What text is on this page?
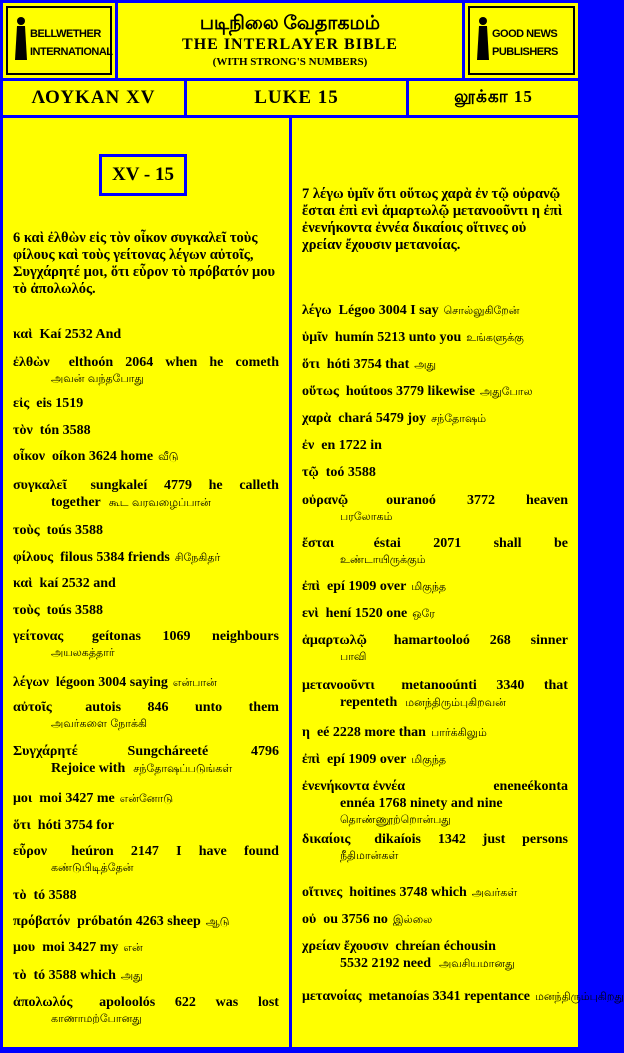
BELLWETHER
INTERNATIONAL
படிநிலை வேதாகமம்
THE INTERLAYER BIBLE
(WITH STRONG'S NUMBERS)
GOOD NEWS
PUBLISHERS
ΛΟΥΚΑΝ XV	LUKE 15	லூக்கா 15
XV - 15
6 καὶ ἐλθὼν εἰς τὸν οἶκον συγκαλεῖ τοὺς φίλους καὶ τοὺς γείτονας λέγων αὐτοῖς, Συγχάρητέ μοι, ὅτι εὗρον τὸ πρόβατόν μου τὸ ἀπολωλός.
καὶ Kaí 2532 And
ἐλθὼν elthoón 2064 when he cometh
அவன் வந்தபோது
εἰς eis 1519
τὸν tón 3588
οἶκον oíkon 3624 home வீடு
συγκαλεῖ sungkaleí 4779 he calleth
together கூட வரவழைப்பான்
τοὺς toús 3588
φίλους filous 5384 friends சிநேகிதர்
καὶ kaí 2532 and
τοὺς toús 3588
γείτονας geítonas 1069 neighbours
அயலகத்தார்
λέγων légoon 3004 saying என்பான்
αὐτοῖς autois 846 unto them
அவர்களை நோக்கி
Συγχάρητέ	Sungcháreeté	4796
Rejoice with சந்தோஷப்படுங்கள்
μοι moi 3427 me என்னோடு
ὅτι hóti 3754 for
εὗρον heúron 2147 I have found
கண்டுபிடித்தேன்
τὸ tó 3588
πρόβατόν próbatón 4263 sheep ஆடு
μου moi 3427 my என்
τὸ tó 3588 which அது
ἀπολωλός apoloolós 622 was lost
காணாமற்போனது
7 λέγω ὑμῖν ὅτι οὕτως χαρὰ ἐν τῷ οὐρανῷ ἔσται ἐπὶ ενὶ ἁμαρτωλῷ μετανοοῦντι η ἐπὶ ἐνενήκοντα ἐννέα δικαίοις οἵτινες οὐ χρείαν ἔχουσιν μετανοίας.
λέγω Légoo 3004 I say சொல்லுகிறேன்
ὑμῖν humín 5213 unto you உங்களுக்கு
ὅτι hóti 3754 that அது
οὕτως hoútoos 3779 likewise அதுபோல
χαρὰ chará 5479 joy சந்தோஷம்
ἐν en 1722 in
τῷ toó 3588
οὐρανῷ	ouranoó 3772 heaven
பரலோகம்
ἔσται	éstai 2071 shall be
உண்டாயிருக்கும்
ἐπὶ epí 1909 over மிகுந்த
ενὶ hení 1520 one ஒரே
ἁμαρτωλῷ hamartooloó 268 sinner
பாவி
μετανοοῦντι metanooúnti 3340 that
repenteth மனந்திரும்புகிறவன்
η eé 2228 more than பார்க்கிலும்
ἐπὶ epí 1909 over மிகுந்த
ἐνενήκοντα ἐννέα	eneneékonta
ennéa 1768 ninety and nine
தொண்ணூற்றொன்பது
δικαίοις dikaíois 1342 just persons
நீதிமான்கள்
οἵτινες hoitines 3748 which அவர்கள்
οὐ ou 3756 no இல்லை
χρείαν ἔχουσιν chreían échousin
5532 2192 need அவசியமானது
μετανοίας metanoías 3341 repentance மனந்திரும்புகிறது
